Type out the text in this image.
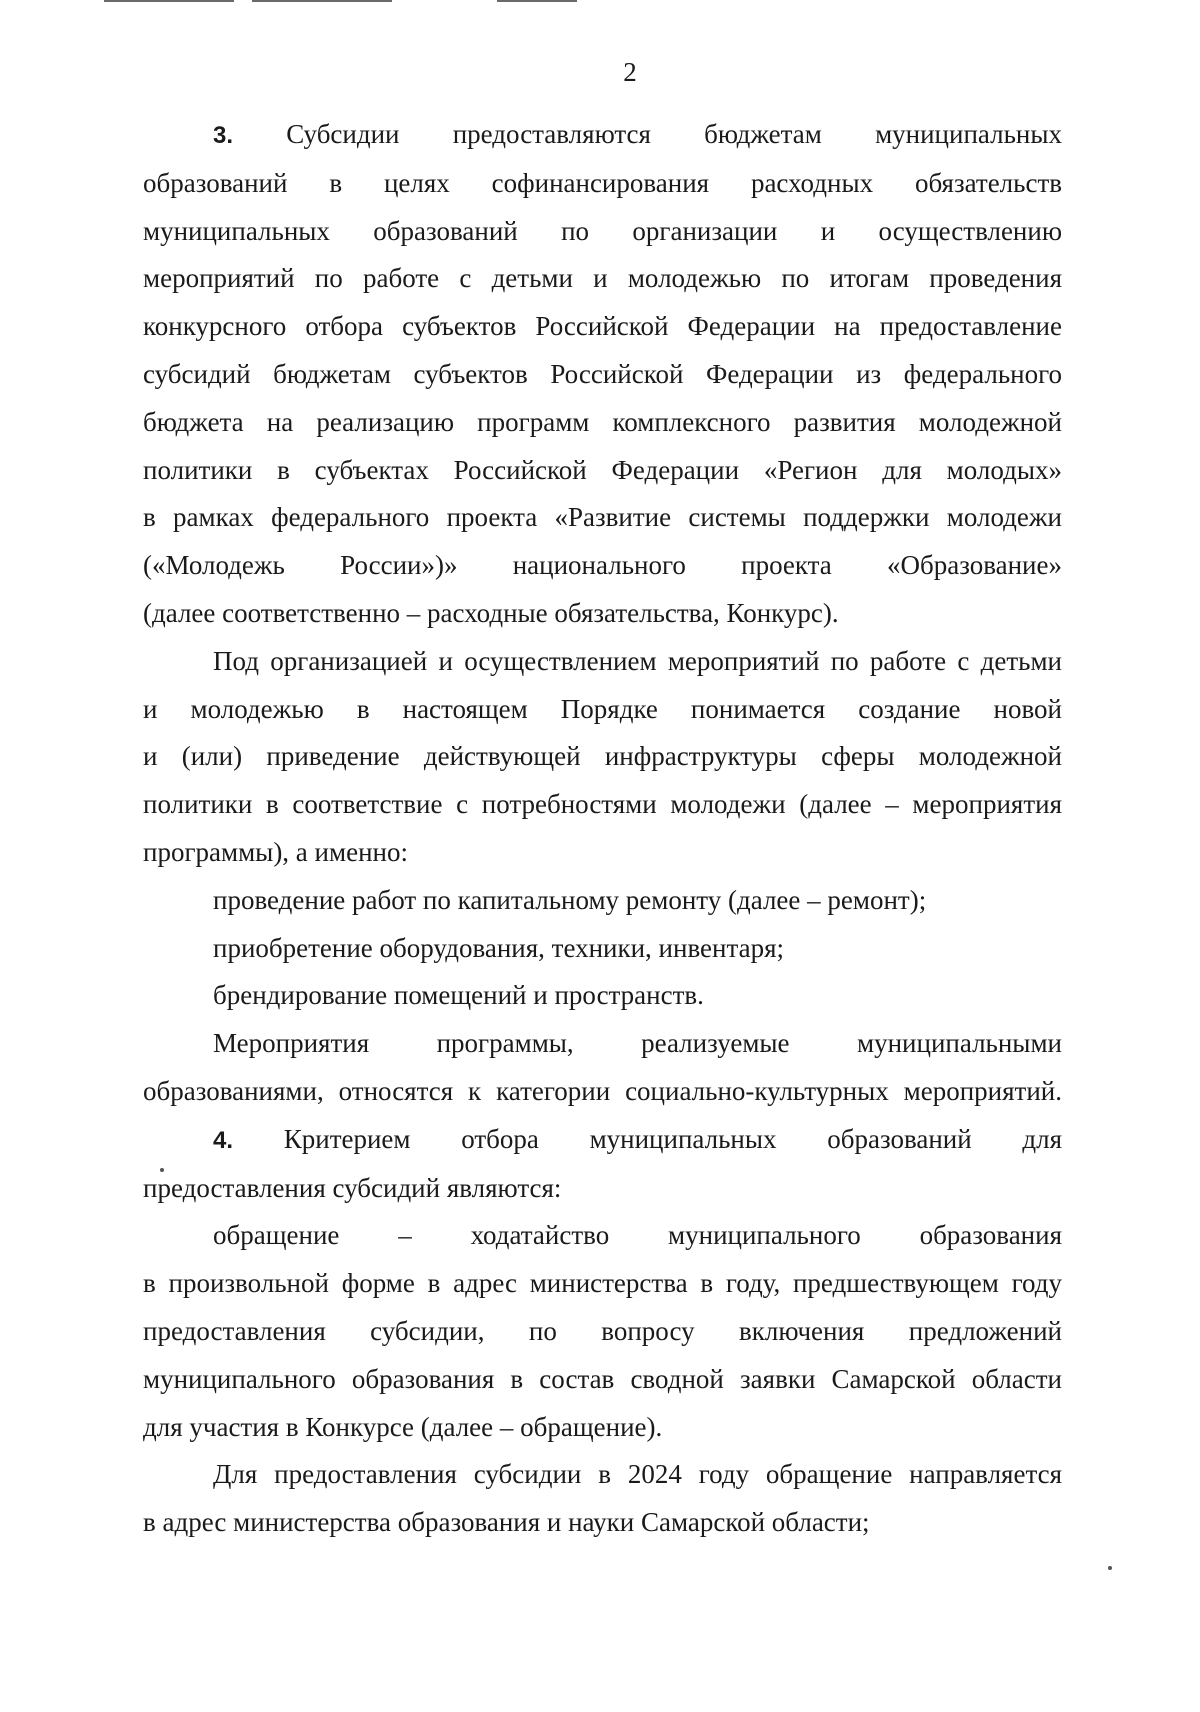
2

3. Субсидии предоставляются бюджетам муниципальных

образований в целях софинансирования расходных обязательств

муниципальных образований по организации и осуществлению

мероприятий по работе с детьми и молодежью по итогам проведения

конкурсного отбора субъектов Российской Федерации на предоставление

субсидий бюджетам субъектов Российской Федерации из федерального

бюджета на реализацию программ комплексного развития молодежной

политики в субъектах Российской Федерации «Регион для молодых»

в рамках федерального проекта «Развитие системы поддержки молодежи

(«Молодежь России»)» национального проекта «Образование»

(далее соответственно – расходные обязательства, Конкурс).

Под организацией и осуществлением мероприятий по работе с детьми

и молодежью в настоящем Порядке понимается создание новой

и (или) приведение действующей инфраструктуры сферы молодежной

политики в соответствие с потребностями молодежи (далее – мероприятия

программы), а именно:

проведение работ по капитальному ремонту (далее – ремонт);

приобретение оборудования, техники, инвентаря;

брендирование помещений и пространств.

Мероприятия программы, реализуемые муниципальными

образованиями, относятся к категории социально-культурных мероприятий.

4. Критерием отбора муниципальных образований для

предоставления субсидий являются:

обращение – ходатайство муниципального образования

в произвольной форме в адрес министерства в году, предшествующем году

предоставления субсидии, по вопросу включения предложений

муниципального образования в состав сводной заявки Самарской области

для участия в Конкурсе (далее – обращение).

Для предоставления субсидии в 2024 году обращение направляется

в адрес министерства образования и науки Самарской области;
